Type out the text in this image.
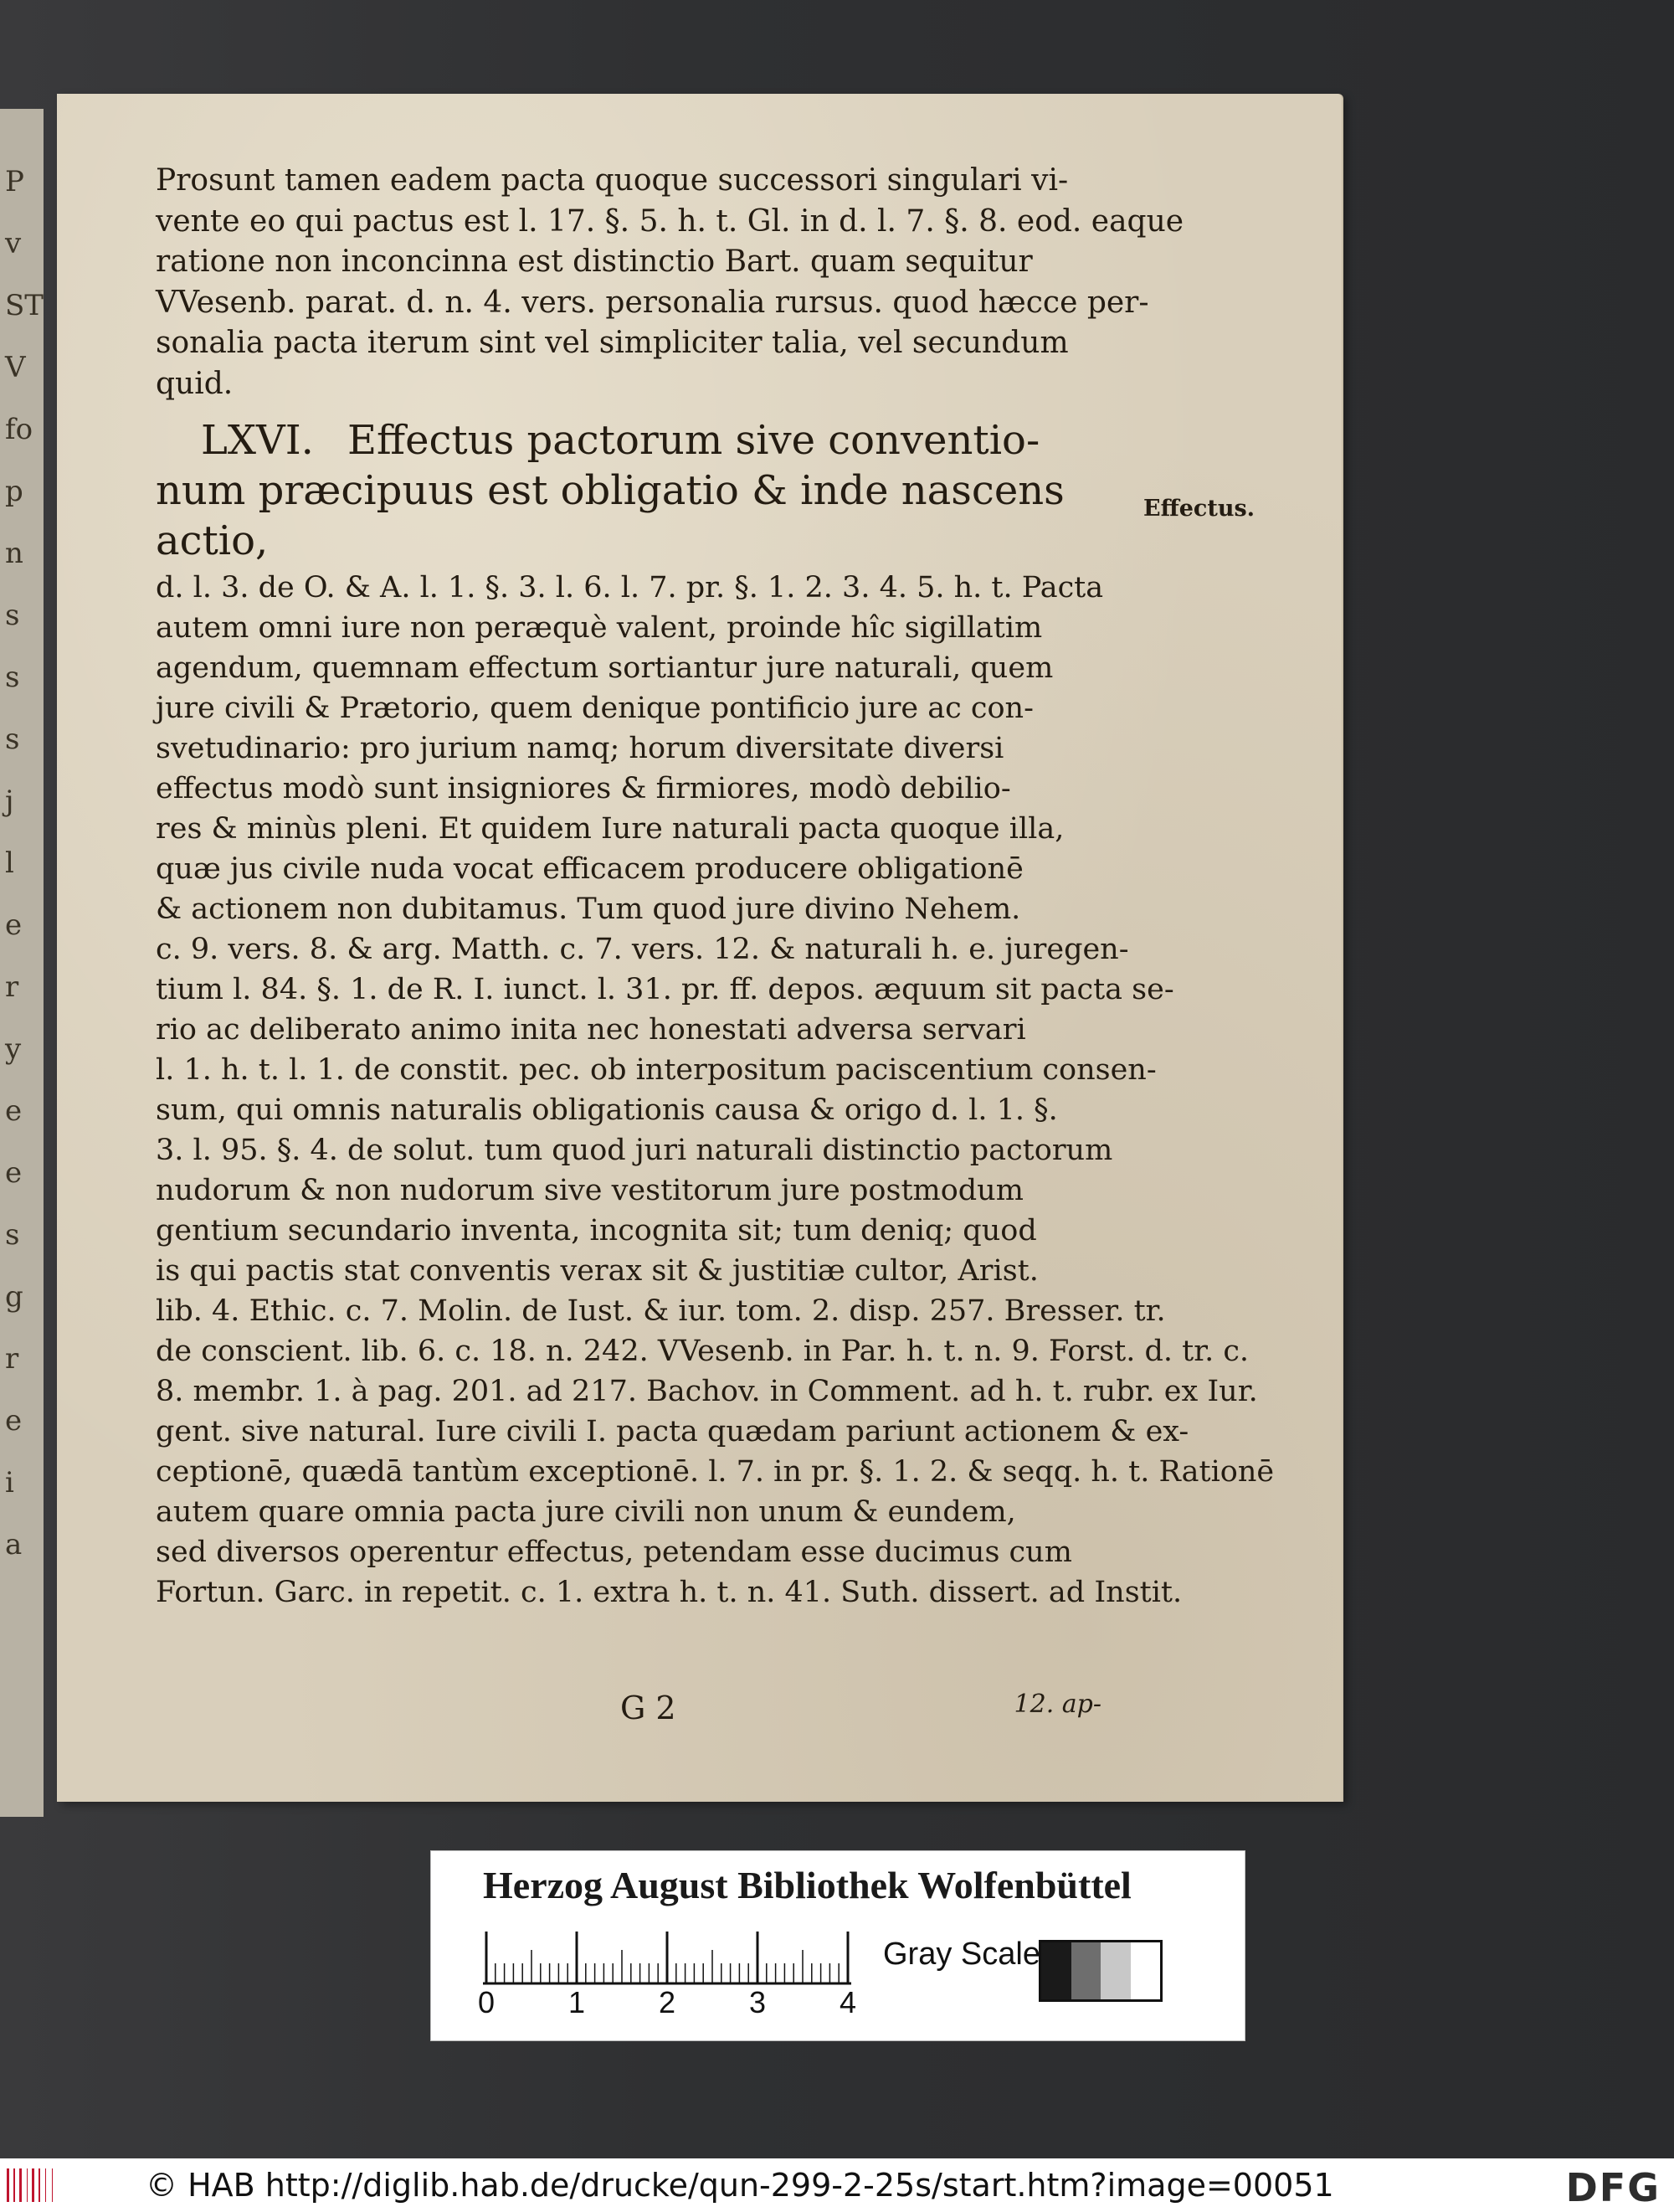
P
v
ST
V
fo
p
n
s
s
s
j
l
e
r
y
e
e
s
g
r
e
i
a
Prosunt tamen eadem pacta quoque successori singulari vi-
vente eo qui pactus est l. 17. §. 5. h. t. Gl. in d. l. 7. §. 8. eod. eaque
ratione non inconcinna est distinctio Bart. quam sequitur
VVesenb. parat. d. n. 4. vers. personalia rursus. quod hæcce per-
sonalia pacta iterum sint vel simpliciter talia, vel secundum
quid.
LXVI. Effectus pactorum sive conventio-
num præcipuus est obligatio & inde nascens
actio,
d. l. 3. de O. & A. l. 1. §. 3. l. 6. l. 7. pr. §. 1. 2. 3. 4. 5. h. t. Pacta
autem omni iure non peræquè valent, proinde hîc sigillatim
agendum, quemnam effectum sortiantur jure naturali, quem
jure civili & Prætorio, quem denique pontificio jure ac con-
svetudinario: pro jurium namq; horum diversitate diversi
effectus modò sunt insigniores & firmiores, modò debilio-
res & minùs pleni. Et quidem Iure naturali pacta quoque illa,
quæ jus civile nuda vocat efficacem producere obligationē
& actionem non dubitamus. Tum quod jure divino Nehem.
c. 9. vers. 8. & arg. Matth. c. 7. vers. 12. & naturali h. e. juregen-
tium l. 84. §. 1. de R. I. iunct. l. 31. pr. ff. depos. æquum sit pacta se-
rio ac deliberato animo inita nec honestati adversa servari
l. 1. h. t. l. 1. de constit. pec. ob interpositum paciscentium consen-
sum, qui omnis naturalis obligationis causa & origo d. l. 1. §.
3. l. 95. §. 4. de solut. tum quod juri naturali distinctio pactorum
nudorum & non nudorum sive vestitorum jure postmodum
gentium secundario inventa, incognita sit; tum deniq; quod
is qui pactis stat conventis verax sit & justitiæ cultor, Arist.
lib. 4. Ethic. c. 7. Molin. de Iust. & iur. tom. 2. disp. 257. Bresser. tr.
de conscient. lib. 6. c. 18. n. 242. VVesenb. in Par. h. t. n. 9. Forst. d. tr. c.
8. membr. 1. à pag. 201. ad 217. Bachov. in Comment. ad h. t. rubr. ex Iur.
gent. sive natural. Iure civili I. pacta quædam pariunt actionem & ex-
ceptionē, quædā tantùm exceptionē. l. 7. in pr. §. 1. 2. & seqq. h. t. Rationē
autem quare omnia pacta jure civili non unum & eundem,
sed diversos operentur effectus, petendam esse ducimus cum
Fortun. Garc. in repetit. c. 1. extra h. t. n. 41. Suth. dissert. ad Instit.
Effectus.
G 2	12. ap-
Herzog August Bibliothek Wolfenbüttel
0 1 2 3 4
Gray Scale
© HAB http://diglib.hab.de/drucke/qun-299-2-25s/start.htm?image=00051	DFG
